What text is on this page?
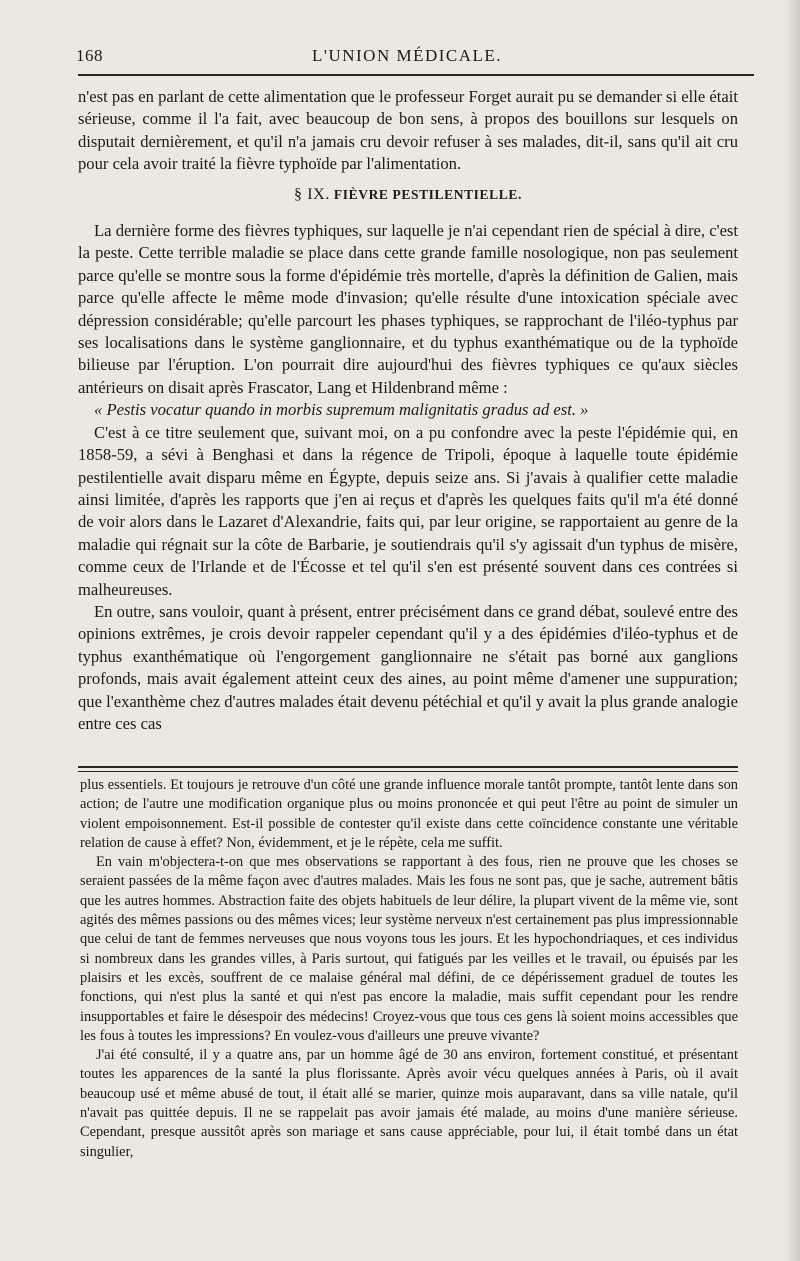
168	L'UNION MÉDICALE.

n'est pas en parlant de cette alimentation que le professeur Forget aurait pu se demander si elle était sérieuse, comme il l'a fait, avec beaucoup de bon sens, à propos des bouillons sur lesquels on disputait dernièrement, et qu'il n'a jamais cru devoir refuser à ses malades, dit-il, sans qu'il ait cru pour cela avoir traité la fièvre typhoïde par l'alimentation.

§ IX. FIÈVRE PESTILENTIELLE.

La dernière forme des fièvres typhiques, sur laquelle je n'ai cependant rien de spécial à dire, c'est la peste. Cette terrible maladie se place dans cette grande famille nosologique, non pas seulement parce qu'elle se montre sous la forme d'épidémie très mortelle, d'après la définition de Galien, mais parce qu'elle affecte le même mode d'invasion; qu'elle résulte d'une intoxication spéciale avec dépression considérable; qu'elle parcourt les phases typhiques, se rapprochant de l'iléo-typhus par ses localisations dans le système ganglionnaire, et du typhus exanthématique ou de la typhoïde bilieuse par l'éruption. L'on pourrait dire aujourd'hui des fièvres typhiques ce qu'aux siècles antérieurs on disait après Frascator, Lang et Hildenbrand même :

« Pestis vocatur quando in morbis supremum malignitatis gradus ad est. »

C'est à ce titre seulement que, suivant moi, on a pu confondre avec la peste l'épidémie qui, en 1858-59, a sévi à Benghasi et dans la régence de Tripoli, époque à laquelle toute épidémie pestilentielle avait disparu même en Égypte, depuis seize ans. Si j'avais à qualifier cette maladie ainsi limitée, d'après les rapports que j'en ai reçus et d'après les quelques faits qu'il m'a été donné de voir alors dans le Lazaret d'Alexandrie, faits qui, par leur origine, se rapportaient au genre de la maladie qui régnait sur la côte de Barbarie, je soutiendrais qu'il s'y agissait d'un typhus de misère, comme ceux de l'Irlande et de l'Écosse et tel qu'il s'en est présenté souvent dans ces contrées si malheureuses.

En outre, sans vouloir, quant à présent, entrer précisément dans ce grand débat, soulevé entre des opinions extrêmes, je crois devoir rappeler cependant qu'il y a des épidémies d'iléo-typhus et de typhus exanthématique où l'engorgement ganglionnaire ne s'était pas borné aux ganglions profonds, mais avait également atteint ceux des aines, au point même d'amener une suppuration; que l'exanthème chez d'autres malades était devenu pétéchial et qu'il y avait la plus grande analogie entre ces cas

plus essentiels. Et toujours je retrouve d'un côté une grande influence morale tantôt prompte, tantôt lente dans son action; de l'autre une modification organique plus ou moins prononcée et qui peut l'être au point de simuler un violent empoisonnement. Est-il possible de contester qu'il existe dans cette coïncidence constante une véritable relation de cause à effet? Non, évidemment, et je le répète, cela me suffit.

En vain m'objectera-t-on que mes observations se rapportant à des fous, rien ne prouve que les choses se seraient passées de la même façon avec d'autres malades. Mais les fous ne sont pas, que je sache, autrement bâtis que les autres hommes. Abstraction faite des objets habituels de leur délire, la plupart vivent de la même vie, sont agités des mêmes passions ou des mêmes vices; leur système nerveux n'est certainement pas plus impressionnable que celui de tant de femmes nerveuses que nous voyons tous les jours. Et les hypochondriaques, et ces individus si nombreux dans les grandes villes, à Paris surtout, qui fatigués par les veilles et le travail, ou épuisés par les plaisirs et les excès, souffrent de ce malaise général mal défini, de ce dépérissement graduel de toutes les fonctions, qui n'est plus la santé et qui n'est pas encore la maladie, mais suffit cependant pour les rendre insupportables et faire le désespoir des médecins! Croyez-vous que tous ces gens là soient moins accessibles que les fous à toutes les impressions? En voulez-vous d'ailleurs une preuve vivante?

J'ai été consulté, il y a quatre ans, par un homme âgé de 30 ans environ, fortement constitué, et présentant toutes les apparences de la santé la plus florissante. Après avoir vécu quelques années à Paris, où il avait beaucoup usé et même abusé de tout, il était allé se marier, quinze mois auparavant, dans sa ville natale, qu'il n'avait pas quittée depuis. Il ne se rappelait pas avoir jamais été malade, au moins d'une manière sérieuse. Cependant, presque aussitôt après son mariage et sans cause appréciable, pour lui, il était tombé dans un état singulier,
